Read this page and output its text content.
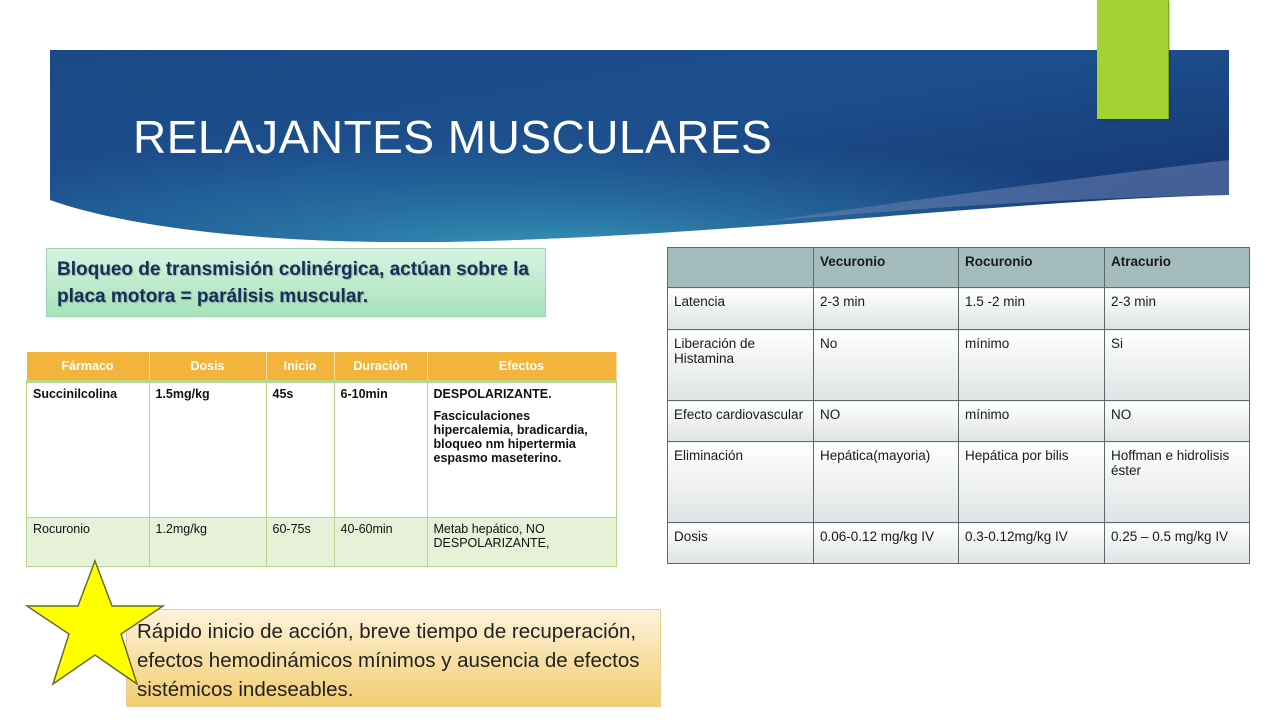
RELAJANTES MUSCULARES
Bloqueo de transmisión colinérgica, actúan sobre la placa motora = parálisis muscular.
Fármaco	Dosis	Inicio	Duración	Efectos
Succinilcolina	1.5mg/kg	45s	6-10min	DESPOLARIZANTE.

Fasciculaciones hipercalemia, bradicardia, bloqueo nm hipertermia espasmo maseterino.

Rocuronio	1.2mg/kg	60-75s	40-60min	Metab hepático, NO DESPOLARIZANTE,
	Vecuronio	Rocuronio	Atracurio
Latencia	2-3 min	1.5 -2 min	2-3 min
Liberación de Histamina	No	mínimo	Si
Efecto cardiovascular	NO	mínimo	NO
Eliminación	Hepática(mayoria)	Hepática por bilis	Hoffman e hidrolisis éster
Dosis	0.06-0.12 mg/kg IV	0.3-0.12mg/kg IV	0.25 – 0.5 mg/kg IV
Rápido inicio de acción, breve tiempo de recuperación, efectos hemodinámicos mínimos y ausencia de efectos sistémicos indeseables.
